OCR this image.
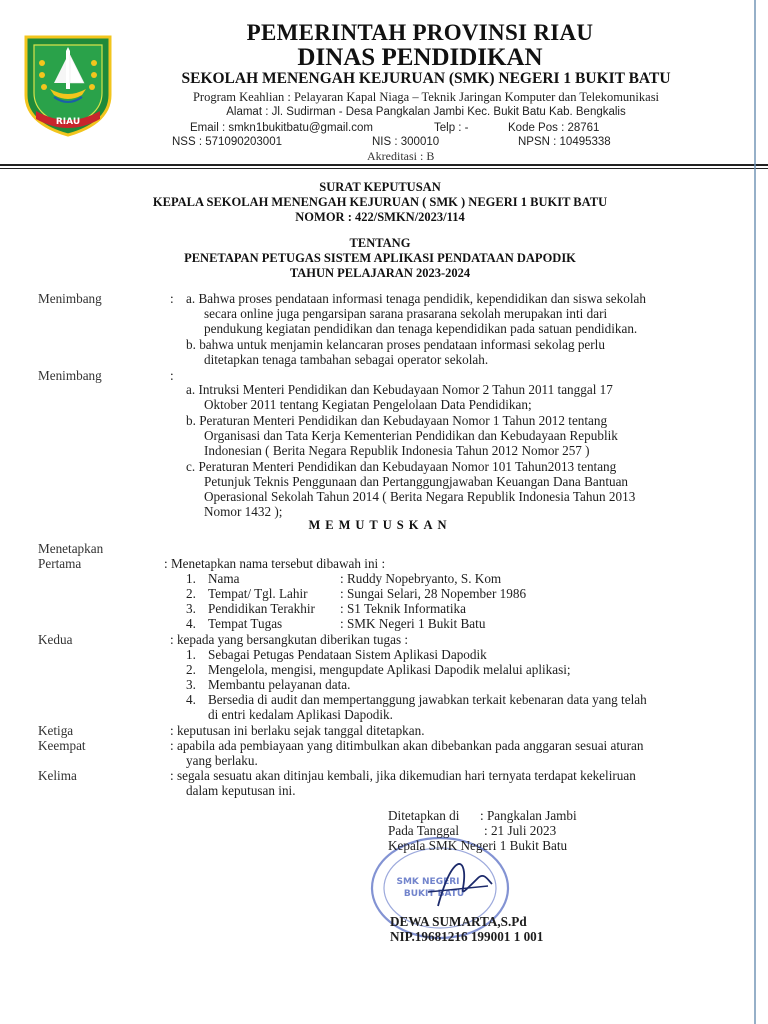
RIAU
PEMERINTAH PROVINSI RIAU
DINAS PENDIDIKAN
SEKOLAH MENENGAH KEJURUAN (SMK) NEGERI 1 BUKIT BATU
Program Keahlian : Pelayaran Kapal Niaga – Teknik Jaringan Komputer dan Telekomunikasi
Alamat : Jl. Sudirman - Desa Pangkalan Jambi Kec. Bukit Batu Kab. Bengkalis
Email : smkn1bukitbatu@gmail.com	Telp : -	Kode Pos : 28761
NSS : 571090203001	NIS : 300010	NPSN : 10495338
Akreditasi : B
SURAT KEPUTUSAN
KEPALA SEKOLAH MENENGAH KEJURUAN ( SMK ) NEGERI 1 BUKIT BATU
NOMOR : 422/SMKN/2023/114
TENTANG
PENETAPAN PETUGAS SISTEM APLIKASI PENDATAAN DAPODIK
TAHUN PELAJARAN 2023-2024
Menimbang	: a. Bahwa proses pendataan informasi tenaga pendidik, kependidikan dan siswa sekolah
secara online juga pengarsipan sarana prasarana sekolah merupakan inti dari
pendukung kegiatan pendidikan dan tenaga kependidikan pada satuan pendidikan.
b. bahwa untuk menjamin kelancaran proses pendataan informasi sekolag perlu
ditetapkan tenaga tambahan sebagai operator sekolah.
Menimbang	:
a. Intruksi Menteri Pendidikan dan Kebudayaan Nomor 2 Tahun 2011 tanggal 17
Oktober 2011 tentang Kegiatan Pengelolaan Data Pendidikan;
b. Peraturan Menteri Pendidikan dan Kebudayaan Nomor 1 Tahun 2012 tentang
Organisasi dan Tata Kerja Kementerian Pendidikan dan Kebudayaan Republik
Indonesian ( Berita Negara Republik Indonesia Tahun 2012 Nomor 257 )
c. Peraturan Menteri Pendidikan dan Kebudayaan Nomor 101 Tahun2013 tentang
Petunjuk Teknis Penggunaan dan Pertanggungjawaban Keuangan Dana Bantuan
Operasional Sekolah Tahun 2014 ( Berita Negara Republik Indonesia Tahun 2013
Nomor 1432 );
MEMUTUSKAN
Menetapkan
Pertama	: Menetapkan nama tersebut dibawah ini :
1. Nama	: Ruddy Nopebryanto, S. Kom
2. Tempat/ Tgl. Lahir : Sungai Selari, 28 Nopember 1986
3. Pendidikan Terakhir : S1 Teknik Informatika
4. Tempat Tugas	: SMK Negeri 1 Bukit Batu
Kedua	: kepada yang bersangkutan diberikan tugas :
1. Sebagai Petugas Pendataan Sistem Aplikasi Dapodik
2. Mengelola, mengisi, mengupdate Aplikasi Dapodik melalui aplikasi;
3. Membantu pelayanan data.
4. Bersedia di audit dan mempertanggung jawabkan terkait kebenaran data yang telah
di entri kedalam Aplikasi Dapodik.
Ketiga	: keputusan ini berlaku sejak tanggal ditetapkan.
Keempat	: apabila ada pembiayaan yang ditimbulkan akan dibebankan pada anggaran sesuai aturan
yang berlaku.
Kelima	: segala sesuatu akan ditinjau kembali, jika dikemudian hari ternyata terdapat kekeliruan
dalam keputusan ini.
SMK NEGERI
BUKIT BATU
Ditetapkan di : Pangkalan Jambi
Pada Tanggal : 21 Juli 2023
Kepala SMK Negeri 1 Bukit Batu
DEWA SUMARTA,S.Pd
NIP.19681216 199001 1 001
